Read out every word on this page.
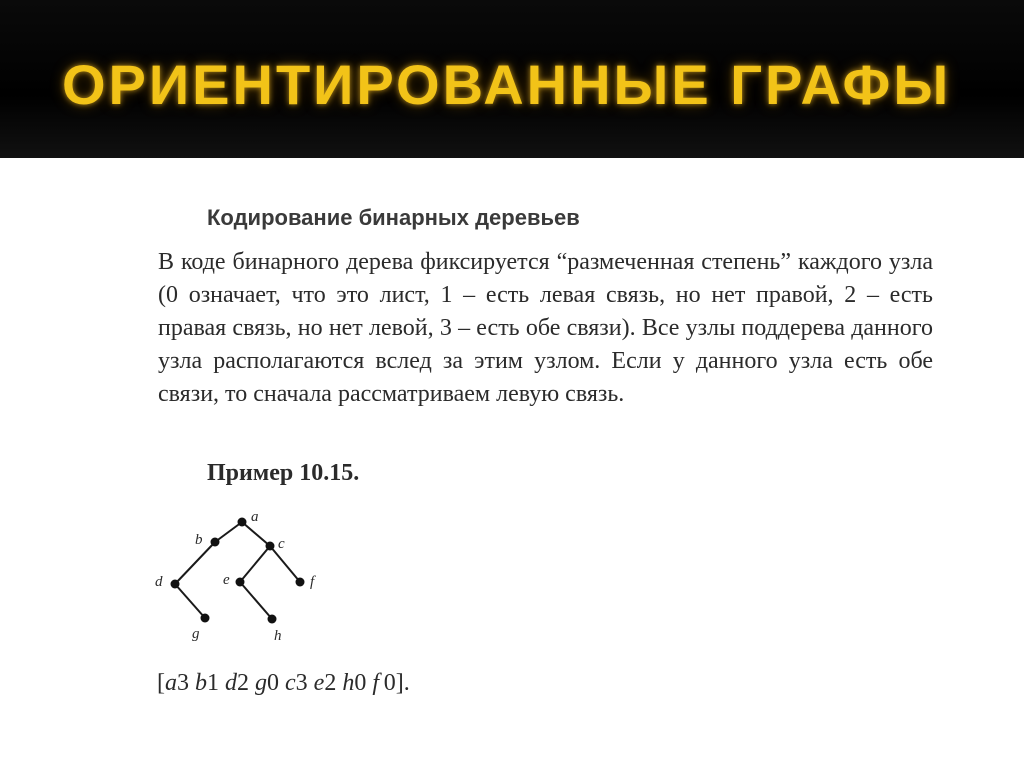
ОРИЕНТИРОВАННЫЕ ГРАФЫ
Кодирование бинарных деревьев

В коде бинарного дерева фиксируется “размеченная степень” каждого узла (0 означает, что это лист, 1 – есть левая связь, но нет правой, 2 – есть правая связь, но нет левой, 3 – есть обе связи). Все узлы поддерева данного узла располагаются вслед за этим узлом. Если у данного узла есть обе связи, то сначала рассматриваем левую связь.

Пример 10.15.
a
b	c
d	e	f
g	h
[a3 b1 d2 g0 c3 e2 h0 f  0].
